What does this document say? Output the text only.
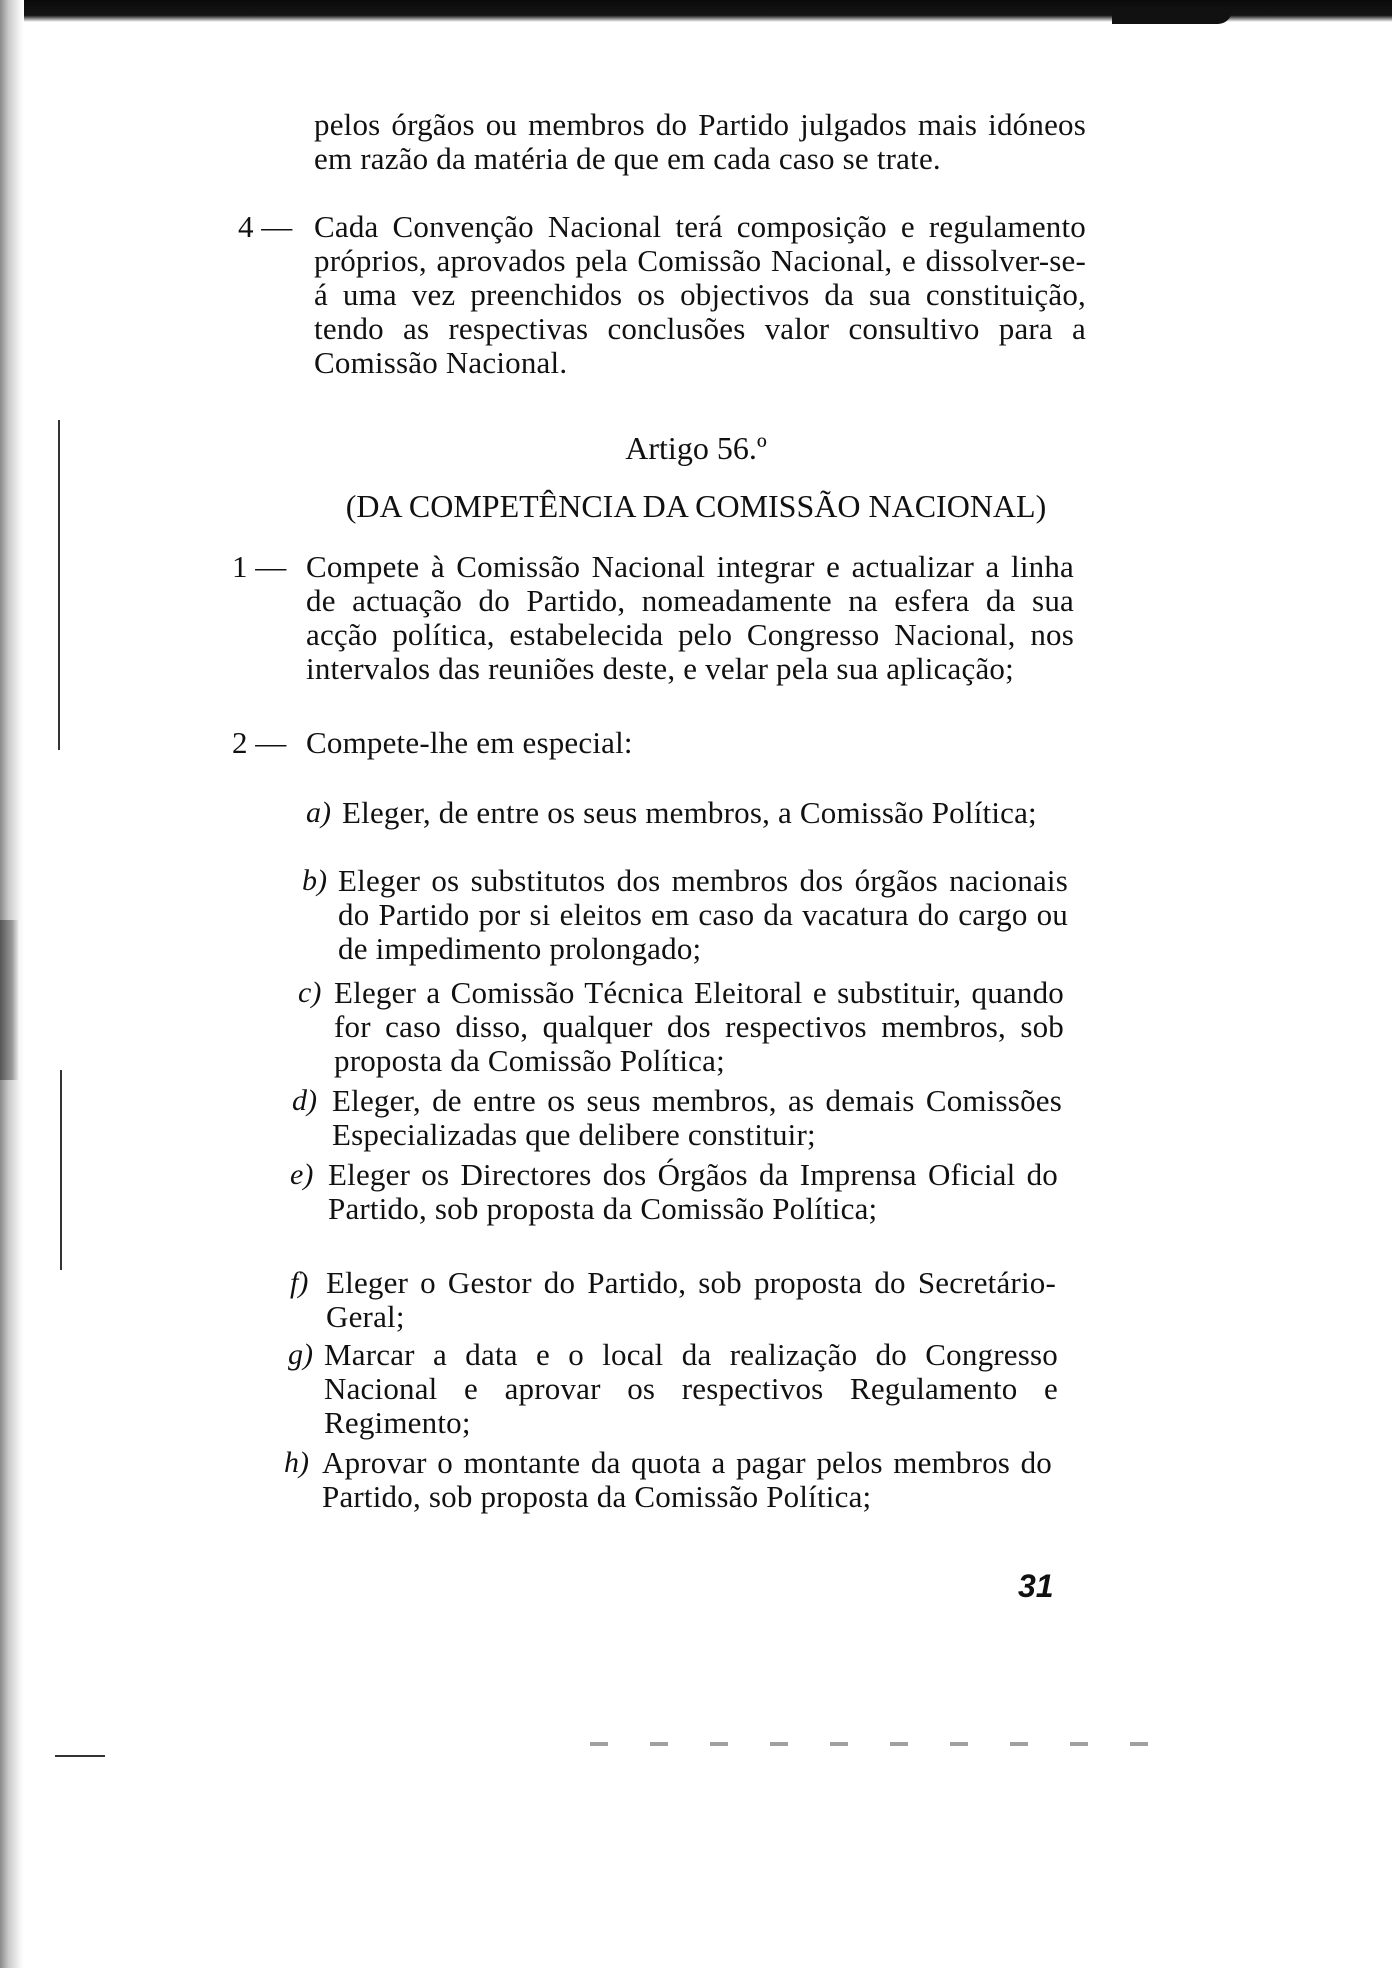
pelos órgãos ou membros do Partido julgados mais idóneos em razão da matéria de que em cada caso se trate.
4 — Cada Convenção Nacional terá composição e regulamento próprios, aprovados pela Comissão Nacional, e dissolver-se-á uma vez preenchidos os objectivos da sua constituição, tendo as respectivas conclusões valor consultivo para a Comissão Nacional.
Artigo 56.º
(DA COMPETÊNCIA DA COMISSÃO NACIONAL)
1 — Compete à Comissão Nacional integrar e actualizar a linha de actuação do Partido, nomeadamente na esfera da sua acção política, estabelecida pelo Congresso Nacional, nos intervalos das reuniões deste, e velar pela sua aplicação;
2 — Compete-lhe em especial:
a) Eleger, de entre os seus membros, a Comissão Política;
b) Eleger os substitutos dos membros dos órgãos nacionais do Partido por si eleitos em caso da vacatura do cargo ou de impedimento prolongado;
c) Eleger a Comissão Técnica Eleitoral e substituir, quando for caso disso, qualquer dos respectivos membros, sob proposta da Comissão Política;
d) Eleger, de entre os seus membros, as demais Comissões Especializadas que delibere constituir;
e) Eleger os Directores dos Órgãos da Imprensa Oficial do Partido, sob proposta da Comissão Política;
f) Eleger o Gestor do Partido, sob proposta do Secretário-Geral;
g) Marcar a data e o local da realização do Congresso Nacional e aprovar os respectivos Regulamento e Regimento;
h) Aprovar o montante da quota a pagar pelos membros do Partido, sob proposta da Comissão Política;
31
